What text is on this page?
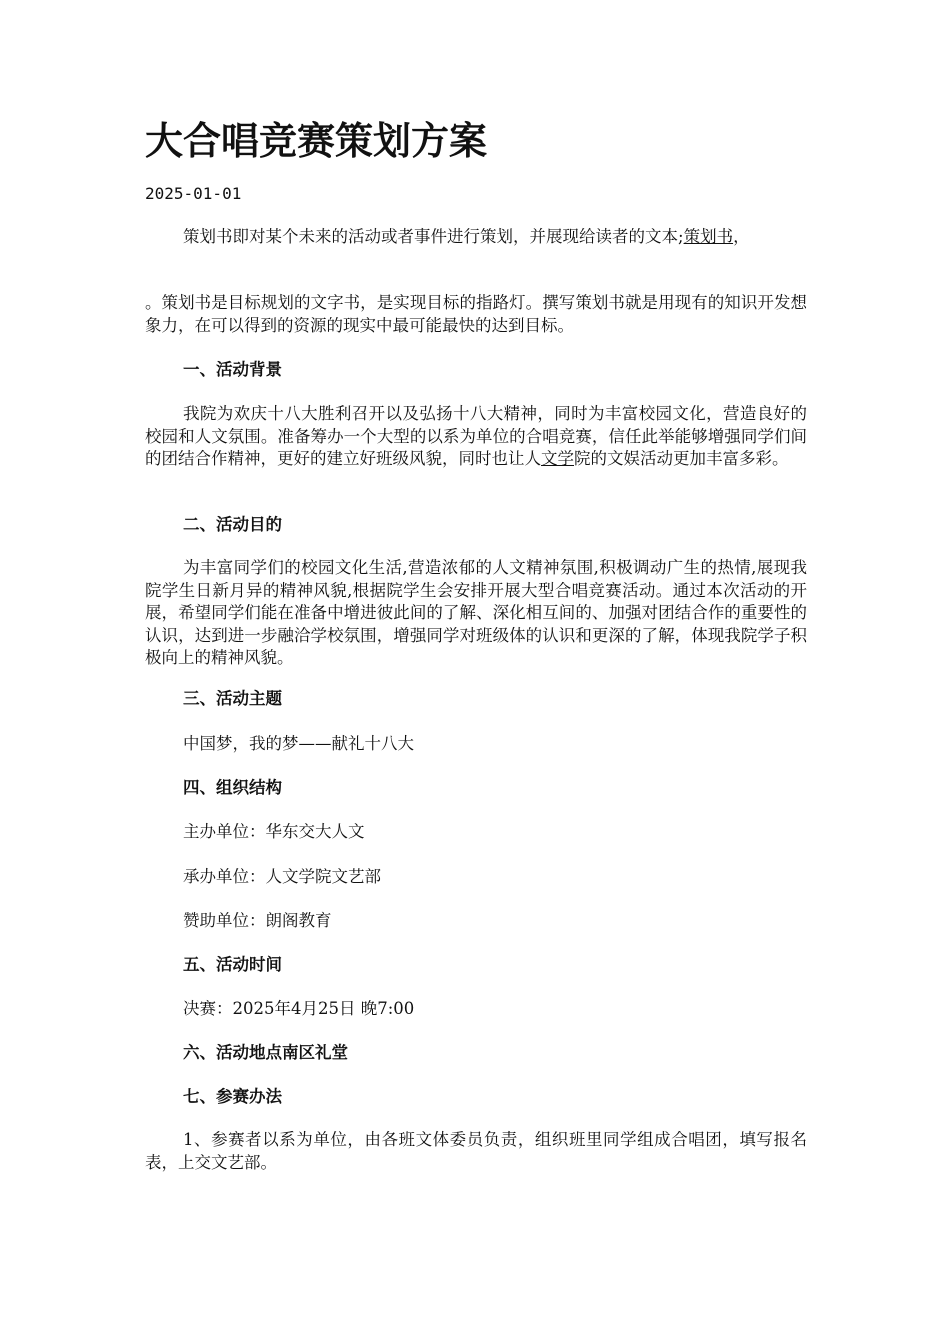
大合唱竞赛策划方案
2025-01-01

策划书即对某个未来的活动或者事件进行策划，并展现给读者的文本;策划书，

。策划书是目标规划的文字书，是实现目标的指路灯。撰写策划书就是用现有的知识开发想象力，在可以得到的资源的现实中最可能最快的达到目标。

一、活动背景

我院为欢庆十八大胜利召开以及弘扬十八大精神，同时为丰富校园文化，营造良好的校园和人文氛围。准备筹办一个大型的以系为单位的合唱竞赛，信任此举能够增强同学们间的团结合作精神，更好的建立好班级风貌，同时也让人文学院的文娱活动更加丰富多彩。

二、活动目的

为丰富同学们的校园文化生活,营造浓郁的人文精神氛围,积极调动广生的热情,展现我院学生日新月异的精神风貌,根据院学生会安排开展大型合唱竞赛活动。通过本次活动的开展，希望同学们能在准备中增进彼此间的了解、深化相互间的、加强对团结合作的重要性的认识，达到进一步融洽学校氛围，增强同学对班级体的认识和更深的了解，体现我院学子积极向上的精神风貌。

三、活动主题

中国梦，我的梦——献礼十八大

四、组织结构

主办单位：华东交大人文

承办单位：人文学院文艺部

赞助单位：朗阁教育

五、活动时间

决赛：2025年4月25日 晚7:00

六、活动地点南区礼堂
七、参赛办法

1、参赛者以系为单位，由各班文体委员负责，组织班里同学组成合唱团，填写报名表，上交文艺部。
